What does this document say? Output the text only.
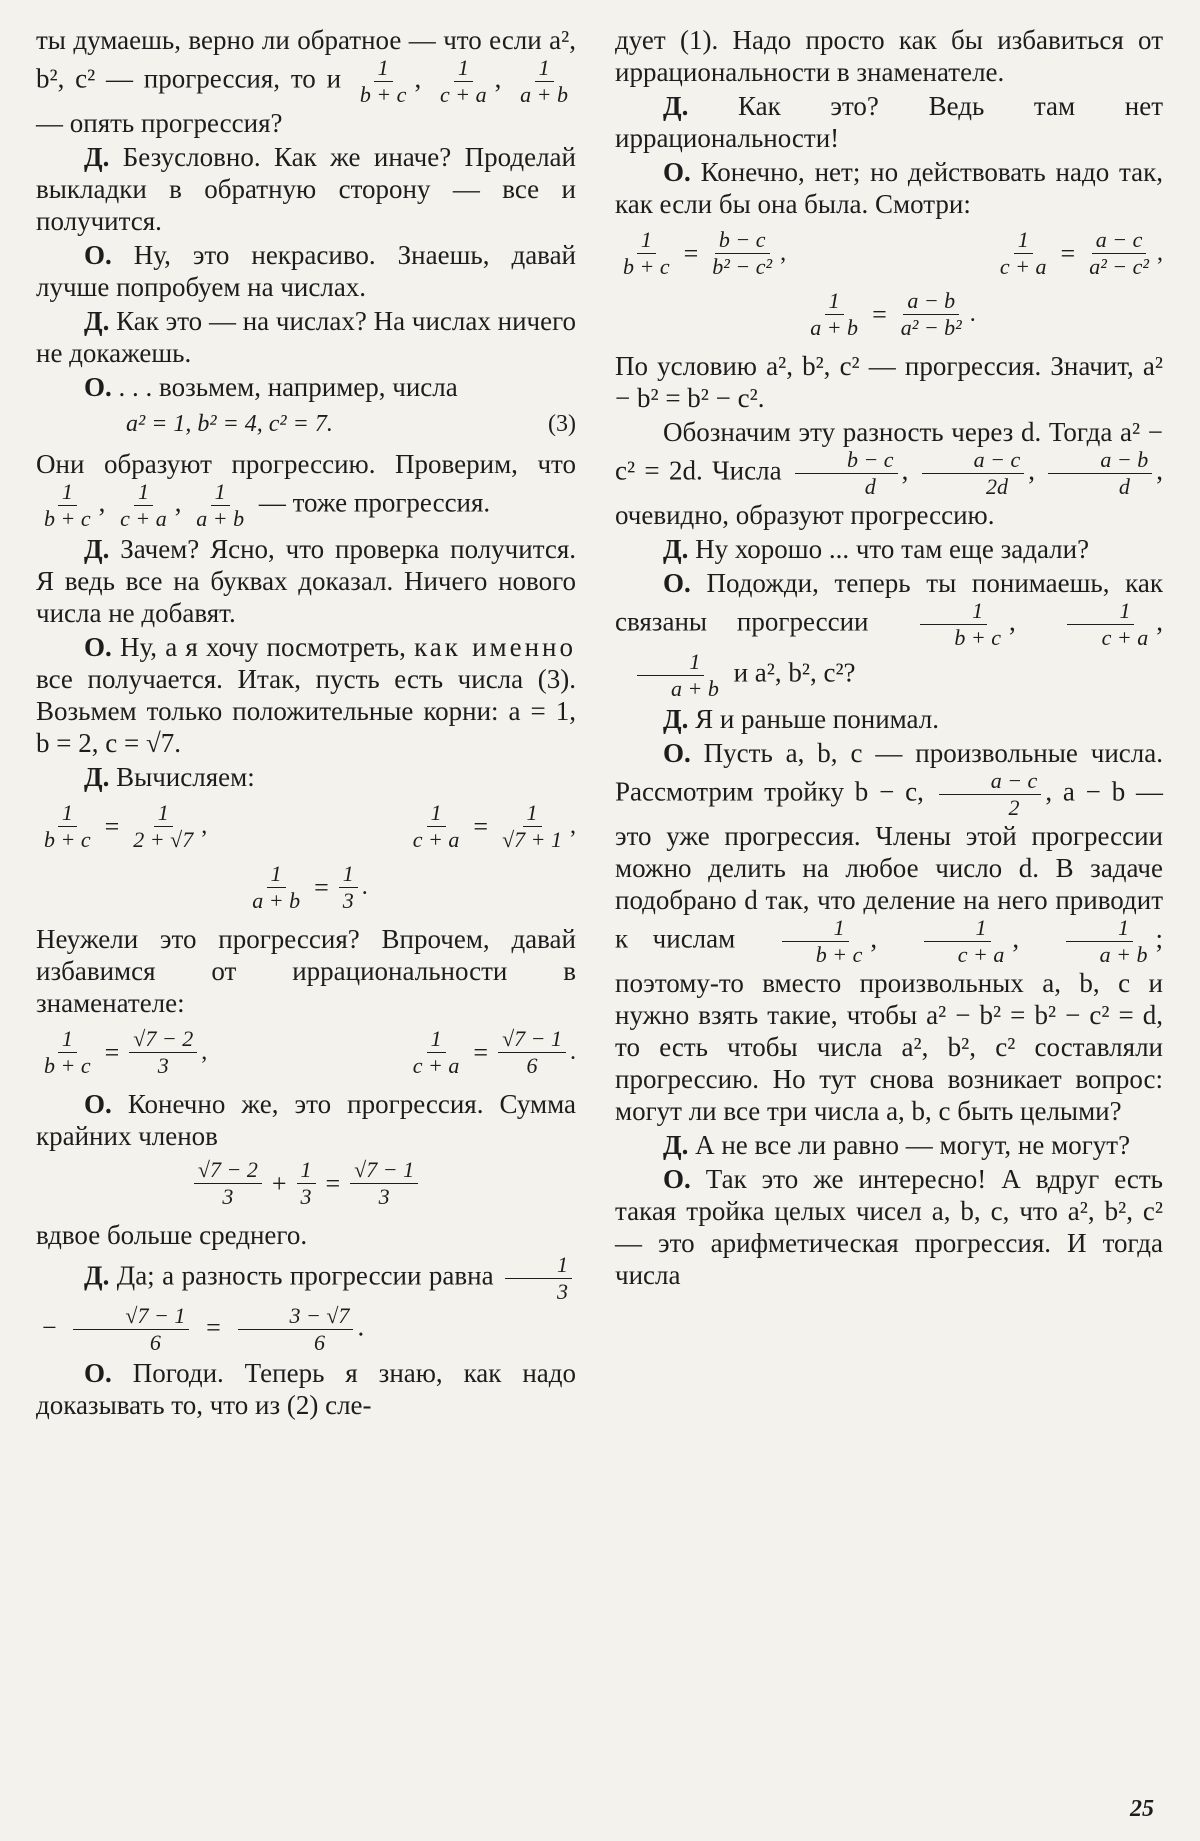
ты думаешь, верно ли обратное — что если a², b², c² — прогрессия, то и $\frac{1}{b + c}$ , $\frac{1}{c + a}$ , $\frac{1}{a + b}$
— опять прогрессия?
Д. Безусловно. Как же иначе? Проделай выкладки в обратную сторону — все и получится.
О. Ну, это некрасиво. Знаешь, давай лучше попробуем на числах.
Д. Как это — на числах? На числах ничего не докажешь.
О. . . . возьмем, например, числа
a² = 1, b² = 4, c² = 7.	(3)
Они образуют прогрессию. Проверим, что
$\frac{1}{b + c}$ , $\frac{1}{c + a}$ , $\frac{1}{a + b}$ — тоже прогрессия.
Д. Зачем? Ясно, что проверка получится. Я ведь все на буквах доказал. Ничего нового числа не добавят.
О. Ну, а я хочу посмотреть, как именно все получается. Итак, пусть есть числа (3). Возьмем только положительные корни: a = 1, b = 2, c = √7.
Д. Вычисляем:
$\frac{1}{b + c} = \frac{1}{2 + √7}$ ,	$\frac{1}{c + a} = \frac{1}{√7 + 1}$ ,
$\frac{1}{a + b} = \frac{1}{3}$ .
Неужели это прогрессия? Впрочем, давай избавимся от иррациональности в знаменателе:
$\frac{1}{b + c} = \frac{√7 - 2}{3}$ ,	$\frac{1}{c + a} = \frac{√7 - 1}{6}$ .
О. Конечно же, это прогрессия. Сумма крайних членов
$\frac{√7 - 2}{3} + \frac{1}{3} = \frac{√7 - 1}{3}$
вдвое больше среднего.
Д. Да; а разность прогрессии равна $\frac{1}{3}$
− $\frac{√7 - 1}{6} = \frac{3 - √7}{6}$ .
О. Погоди. Теперь я знаю, как надо доказывать то, что из (2) сле-
дует (1). Надо просто как бы избавиться от иррациональности в знаменателе.
Д. Как это? Ведь там нет иррациональности!
О. Конечно, нет; но действовать надо так, как если бы она была. Смотри:
$\frac{1}{b + c} = \frac{b - c}{\text{b² − c²}}$ ,	$\frac{1}{c + a} = \frac{a - c}{\text{a² − c²}}$ ,
$\frac{1}{a + b} = \frac{a - b}{\text{a² − b²}}$ .
По условию a², b², c² — прогрессия. Значит, a² − b² = b² − c².
Обозначим эту разность через d. Тогда a² − c² = 2d. Числа $\frac{b - c}{d}$ , $\frac{a - c}{2d}$ , $\frac{a - b}{d}$ , очевидно, образуют прогрессию.
Д. Ну хорошо ... что там еще задали?
О. Подожди, теперь ты понимаешь, как связаны прогрессии $\frac{1}{b + c}$ , $\frac{1}{c + a}$ ,
$\frac{1}{a + b}$ и a², b², c²?
Д. Я и раньше понимал.
О. Пусть a, b, c — произвольные числа. Рассмотрим тройку b − c, $\frac{a - c}{2}$ , a − b — это уже прогрессия. Члены этой прогрессии можно делить на любое число d. В задаче подобрано d так, что деление на него приводит к числам $\frac{1}{b + c}$ , $\frac{1}{c + a}$ , $\frac{1}{a + b}$ ; поэтому-то вместо произвольных a, b, c и нужно взять такие, чтобы a² − b² = b² − c² = d, то есть чтобы числа a², b², c² составляли прогрессию. Но тут снова возникает вопрос: могут ли все три числа a, b, c быть целыми?
Д. А не все ли равно — могут, не могут?
О. Так это же интересно! А вдруг есть такая тройка целых чисел a, b, c, что a², b², c² — это арифметическая прогрессия. И тогда числа
25
